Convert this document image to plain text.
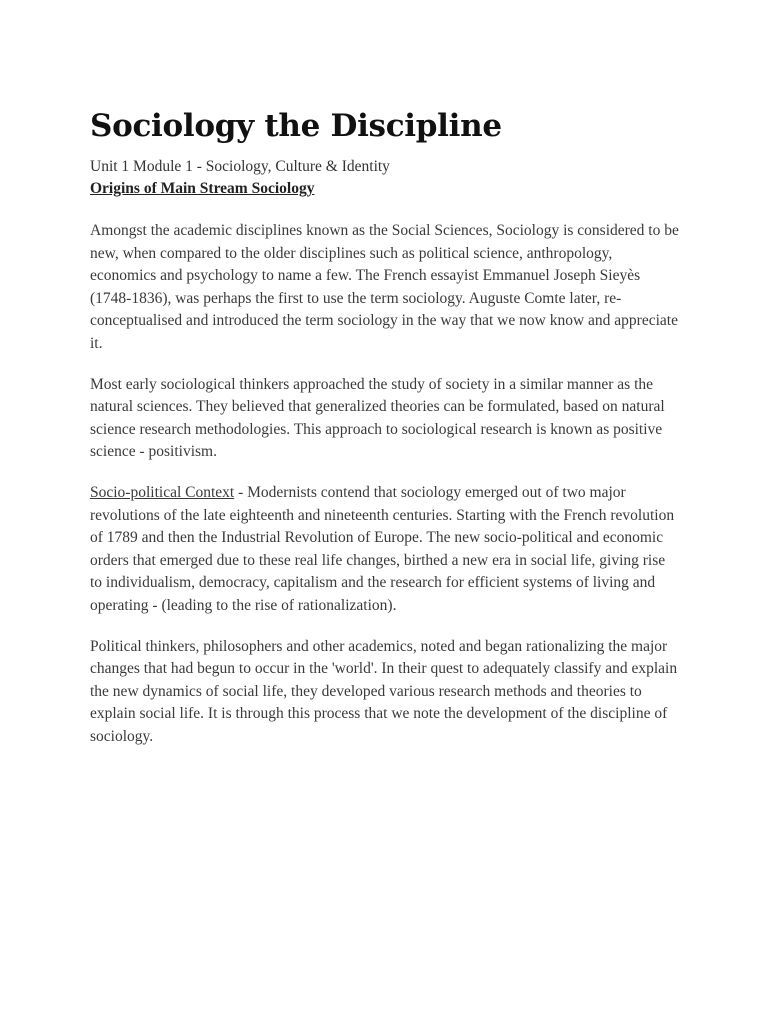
Sociology the Discipline

Unit 1 Module 1 - Sociology, Culture & Identity

Origins of Main Stream Sociology

Amongst the academic disciplines known as the Social Sciences, Sociology is considered to be new, when compared to the older disciplines such as political science, anthropology, economics and psychology to name a few. The French essayist Emmanuel Joseph Sieyès (1748-1836), was perhaps the first to use the term sociology. Auguste Comte later, re-conceptualised and introduced the term sociology in the way that we now know and appreciate it.

Most early sociological thinkers approached the study of society in a similar manner as the natural sciences. They believed that generalized theories can be formulated, based on natural science research methodologies. This approach to sociological research is known as positive science - positivism.

Socio-political Context - Modernists contend that sociology emerged out of two major revolutions of the late eighteenth and nineteenth centuries. Starting with the French revolution of 1789 and then the Industrial Revolution of Europe. The new socio-political and economic orders that emerged due to these real life changes, birthed a new era in social life, giving rise to individualism, democracy, capitalism and the research for efficient systems of living and operating - (leading to the rise of rationalization).

Political thinkers, philosophers and other academics, noted and began rationalizing the major changes that had begun to occur in the 'world'. In their quest to adequately classify and explain the new dynamics of social life, they developed various research methods and theories to explain social life. It is through this process that we note the development of the discipline of sociology.
